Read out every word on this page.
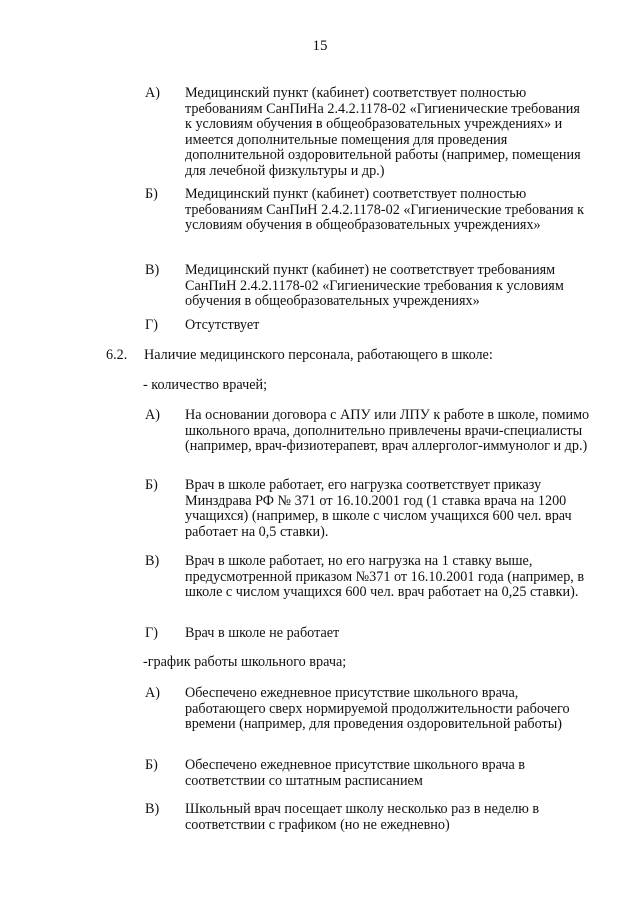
15
А) Медицинский пункт (кабинет) соответствует полностью требованиям СанПиНа 2.4.2.1178-02 «Гигиенические требования к условиям обучения в общеобразовательных учреждениях» и имеется дополнительные помещения для проведения дополнительной оздоровительной работы (например, помещения для лечебной физкультуры и др.)
Б) Медицинский пункт (кабинет) соответствует полностью требованиям СанПиН 2.4.2.1178-02 «Гигиенические требования к условиям обучения в общеобразовательных учреждениях»
В) Медицинский пункт (кабинет) не соответствует требованиям СанПиН 2.4.2.1178-02 «Гигиенические требования к условиям обучения в общеобразовательных учреждениях»
Г) Отсутствует
6.2. Наличие медицинского персонала, работающего в школе:
- количество врачей;
А) На основании договора с АПУ или ЛПУ к работе в школе, помимо школьного врача, дополнительно привлечены врачи-специалисты (например, врач-физиотерапевт, врач аллерголог-иммунолог и др.)
Б) Врач в школе работает, его нагрузка соответствует приказу Минздрава РФ № 371 от 16.10.2001 год (1 ставка врача на 1200 учащихся) (например, в школе с числом учащихся 600 чел. врач работает на 0,5 ставки).
В) Врач в школе работает, но его нагрузка на 1 ставку выше, предусмотренной приказом №371 от 16.10.2001 года (например, в школе с числом учащихся 600 чел. врач работает на 0,25 ставки).
Г) Врач в школе не работает
-график работы школьного врача;
А) Обеспечено ежедневное присутствие школьного врача, работающего сверх нормируемой продолжительности рабочего времени (например, для проведения оздоровительной работы)
Б) Обеспечено ежедневное присутствие школьного врача в соответствии со штатным расписанием
В) Школьный врач посещает школу несколько раз в неделю в соответствии с графиком (но не ежедневно)
